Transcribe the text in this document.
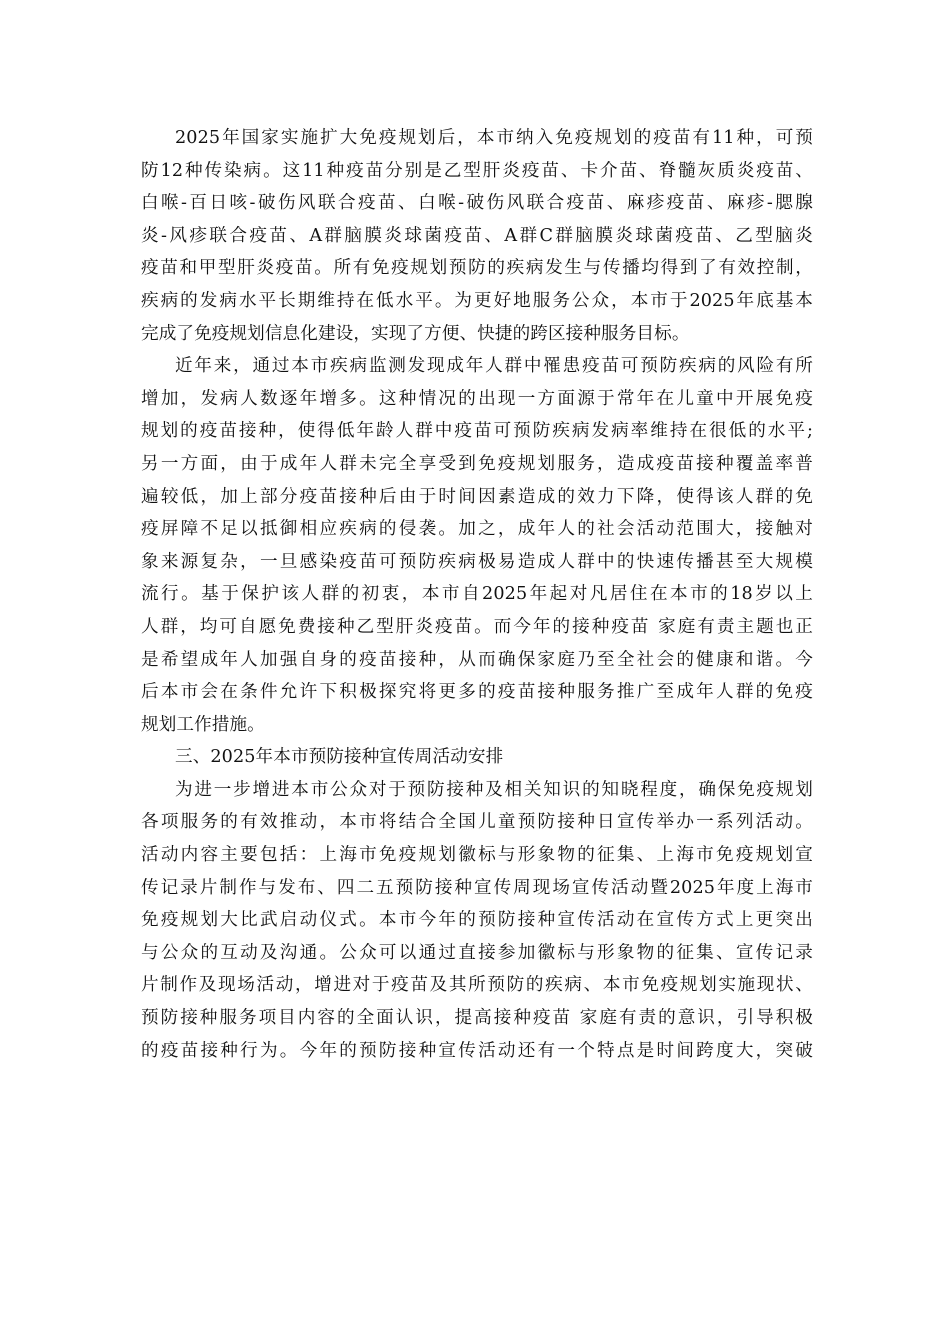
2025年国家实施扩大免疫规划后，本市纳入免疫规划的疫苗有11种，可预
防12种传染病。这11种疫苗分别是乙型肝炎疫苗、卡介苗、脊髓灰质炎疫苗、
白喉-百日咳-破伤风联合疫苗、白喉-破伤风联合疫苗、麻疹疫苗、麻疹-腮腺
炎-风疹联合疫苗、A群脑膜炎球菌疫苗、A群C群脑膜炎球菌疫苗、乙型脑炎
疫苗和甲型肝炎疫苗。所有免疫规划预防的疾病发生与传播均得到了有效控制，
疾病的发病水平长期维持在低水平。为更好地服务公众，本市于2025年底基本
完成了免疫规划信息化建设，实现了方便、快捷的跨区接种服务目标。
近年来，通过本市疾病监测发现成年人群中罹患疫苗可预防疾病的风险有所
增加，发病人数逐年增多。这种情况的出现一方面源于常年在儿童中开展免疫
规划的疫苗接种，使得低年龄人群中疫苗可预防疾病发病率维持在很低的水平;
另一方面，由于成年人群未完全享受到免疫规划服务，造成疫苗接种覆盖率普
遍较低，加上部分疫苗接种后由于时间因素造成的效力下降，使得该人群的免
疫屏障不足以抵御相应疾病的侵袭。加之，成年人的社会活动范围大，接触对
象来源复杂，一旦感染疫苗可预防疾病极易造成人群中的快速传播甚至大规模
流行。基于保护该人群的初衷，本市自2025年起对凡居住在本市的18岁以上
人群，均可自愿免费接种乙型肝炎疫苗。而今年的接种疫苗 家庭有责主题也正
是希望成年人加强自身的疫苗接种，从而确保家庭乃至全社会的健康和谐。今
后本市会在条件允许下积极探究将更多的疫苗接种服务推广至成年人群的免疫
规划工作措施。
三、2025年本市预防接种宣传周活动安排
为进一步增进本市公众对于预防接种及相关知识的知晓程度，确保免疫规划
各项服务的有效推动，本市将结合全国儿童预防接种日宣传举办一系列活动。
活动内容主要包括：上海市免疫规划徽标与形象物的征集、上海市免疫规划宣
传记录片制作与发布、四二五预防接种宣传周现场宣传活动暨2025年度上海市
免疫规划大比武启动仪式。本市今年的预防接种宣传活动在宣传方式上更突出
与公众的互动及沟通。公众可以通过直接参加徽标与形象物的征集、宣传记录
片制作及现场活动，增进对于疫苗及其所预防的疾病、本市免疫规划实施现状、
预防接种服务项目内容的全面认识，提高接种疫苗 家庭有责的意识，引导积极
的疫苗接种行为。今年的预防接种宣传活动还有一个特点是时间跨度大，突破
